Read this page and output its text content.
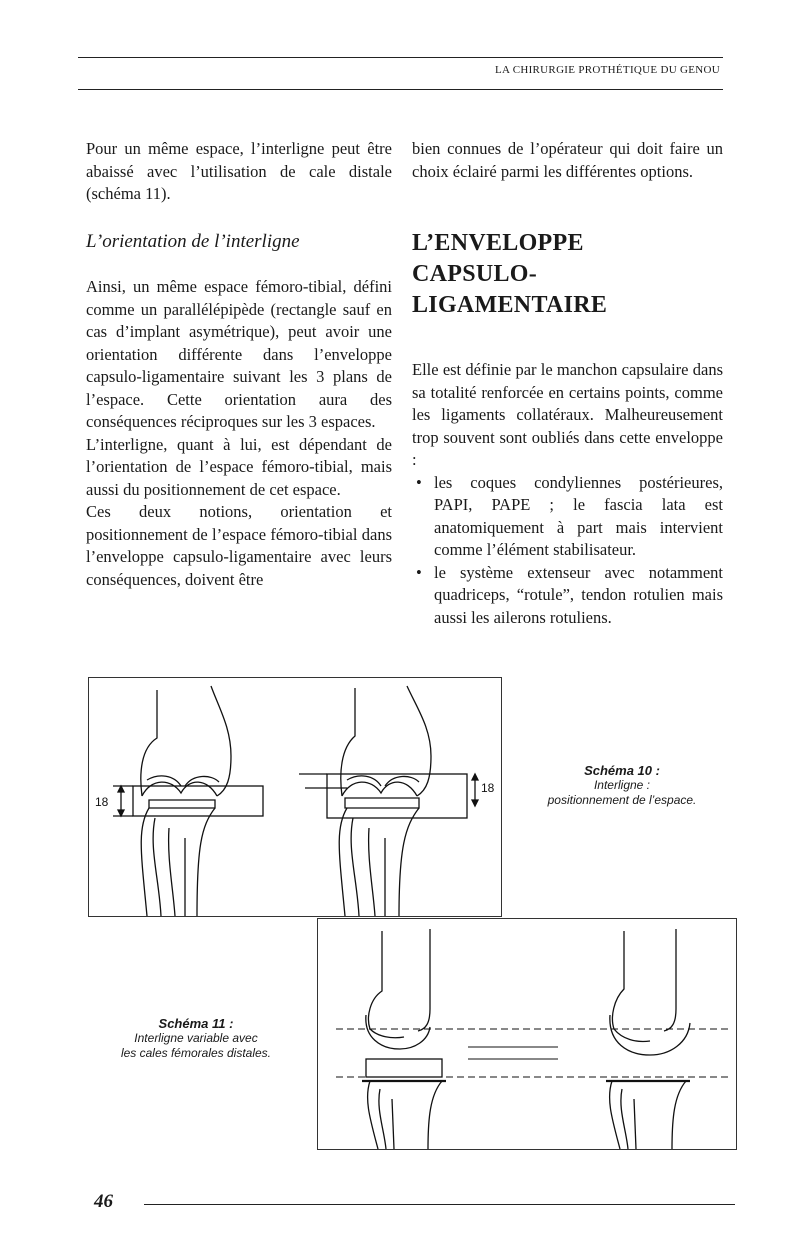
LA CHIRURGIE PROTHÉTIQUE DU GENOU

Pour un même espace, l’interligne peut être abaissé avec l’utilisation de cale distale (schéma 11).

L’orientation de l’interligne

Ainsi, un même espace fémoro-tibial, défini comme un parallélépipède (rectangle sauf en cas d’implant asymétrique), peut avoir une orientation différente dans l’enveloppe capsulo-ligamentaire suivant les 3 plans de l’espace. Cette orientation aura des conséquences réciproques sur les 3 espaces.

L’interligne, quant à lui, est dépendant de l’orientation de l’espace fémoro-tibial, mais aussi du positionnement de cet espace.

Ces deux notions, orientation et positionnement de l’espace fémoro-tibial dans l’enveloppe capsulo-ligamentaire avec leurs conséquences, doivent être

bien connues de l’opérateur qui doit faire un choix éclairé parmi les différentes options.

L’ENVELOPPE CAPSULO-LIGAMENTAIRE

Elle est définie par le manchon capsulaire dans sa totalité renforcée en certains points, comme les ligaments collatéraux. Malheureusement trop souvent sont oubliés dans cette enveloppe :

• les coques condyliennes postérieures, PAPI, PAPE ; le fascia lata est anatomiquement à part mais intervient comme l’élément stabilisateur.
• le système extenseur avec notamment quadriceps, “rotule”, tendon rotulien mais aussi les ailerons rotuliens.
18
18
Schéma 10 :
Interligne :
positionnement de l’espace.
Schéma 11 :
Interligne variable avec
les cales fémorales distales.
46
